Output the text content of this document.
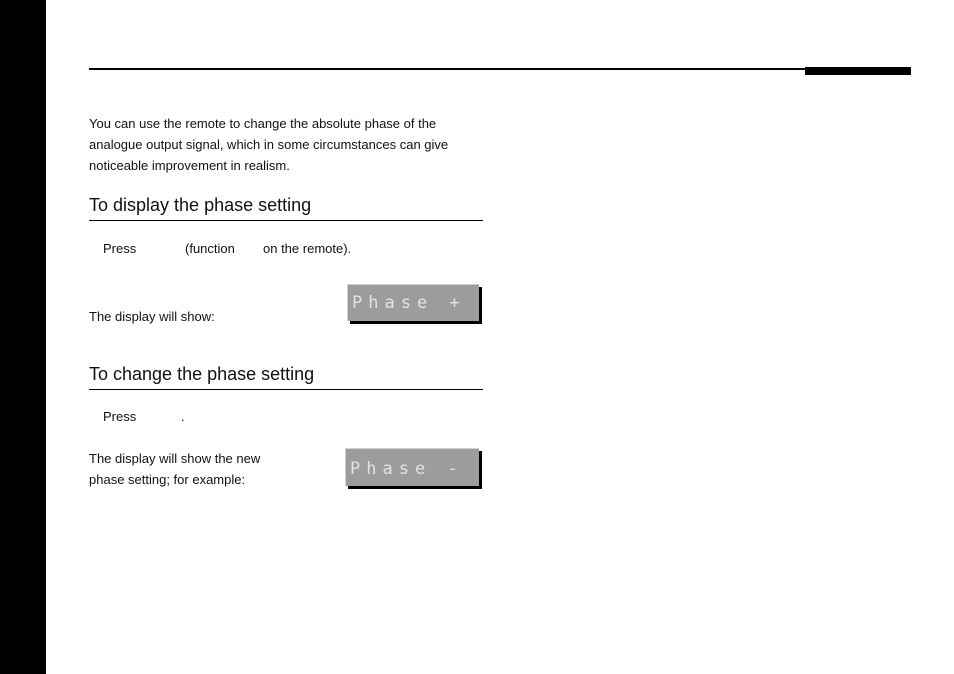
You can use the remote to change the absolute phase of the analogue output signal, which in some circumstances can give noticeable improvement in realism.

To display the phase setting

Press	(function on the remote).

The display will show:

Phase +
To change the phase setting

Press	.

The display will show the new

phase setting; for example:

Phase -
